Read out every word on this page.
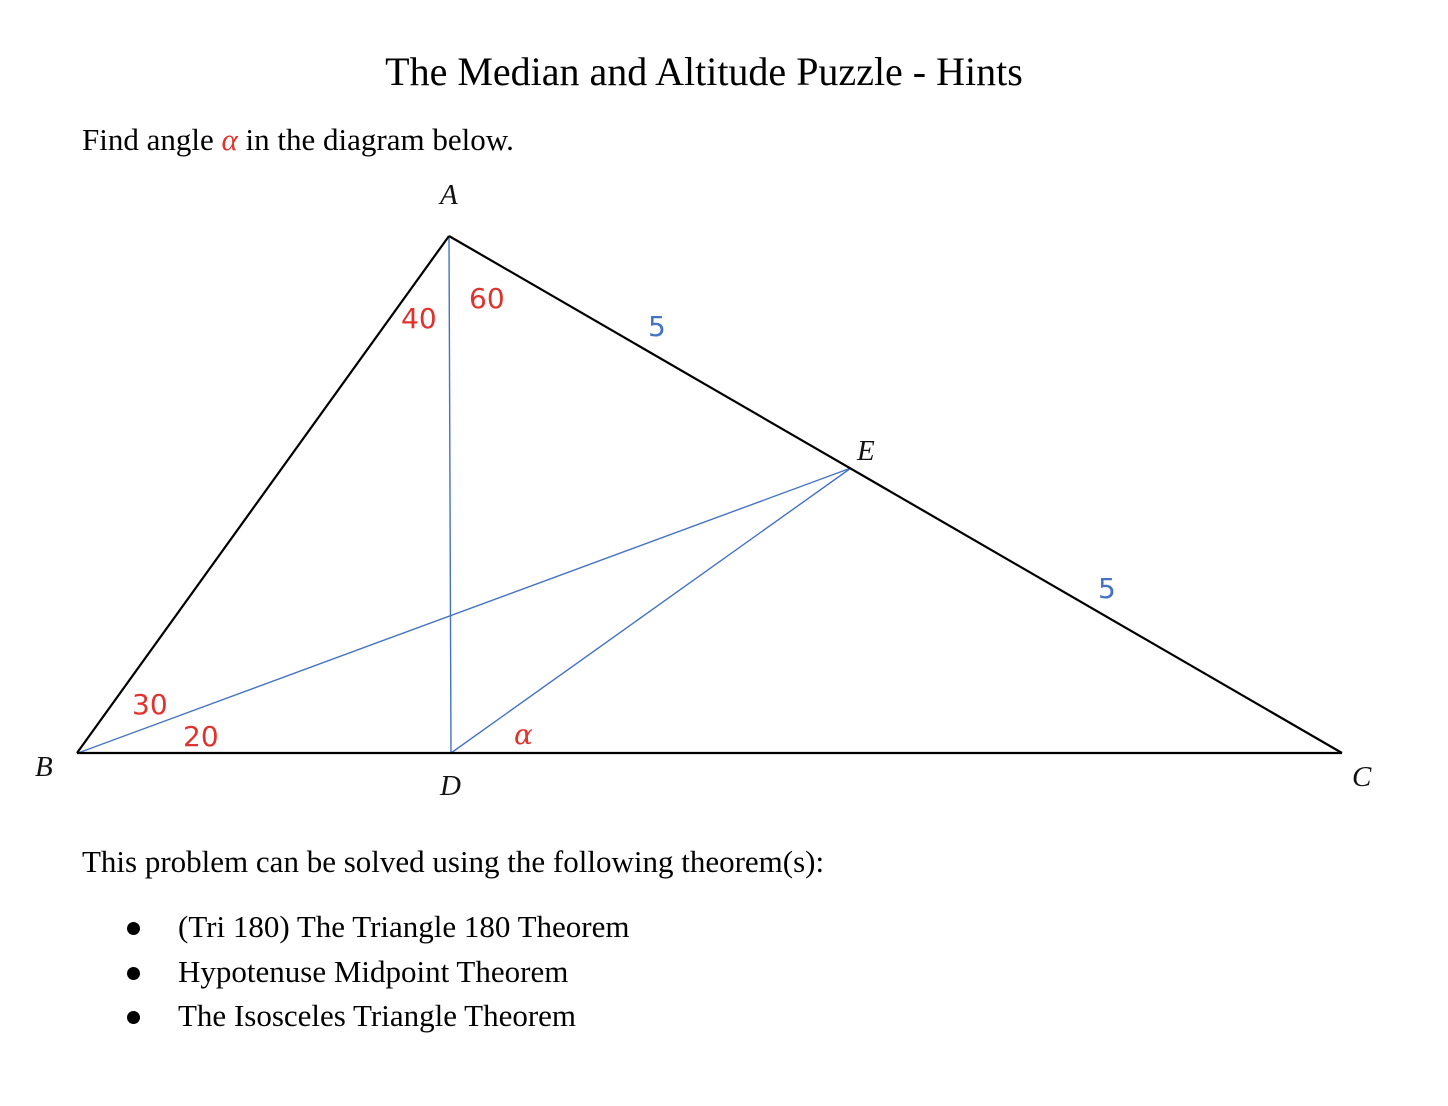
The Median and Altitude Puzzle - Hints
Find angle α in the diagram below.
A
B	C
D
E
40
60
30
20	α
5
5
This problem can be solved using the following theorem(s):
(Tri 180) The Triangle 180 Theorem
Hypotenuse Midpoint Theorem
The Isosceles Triangle Theorem
